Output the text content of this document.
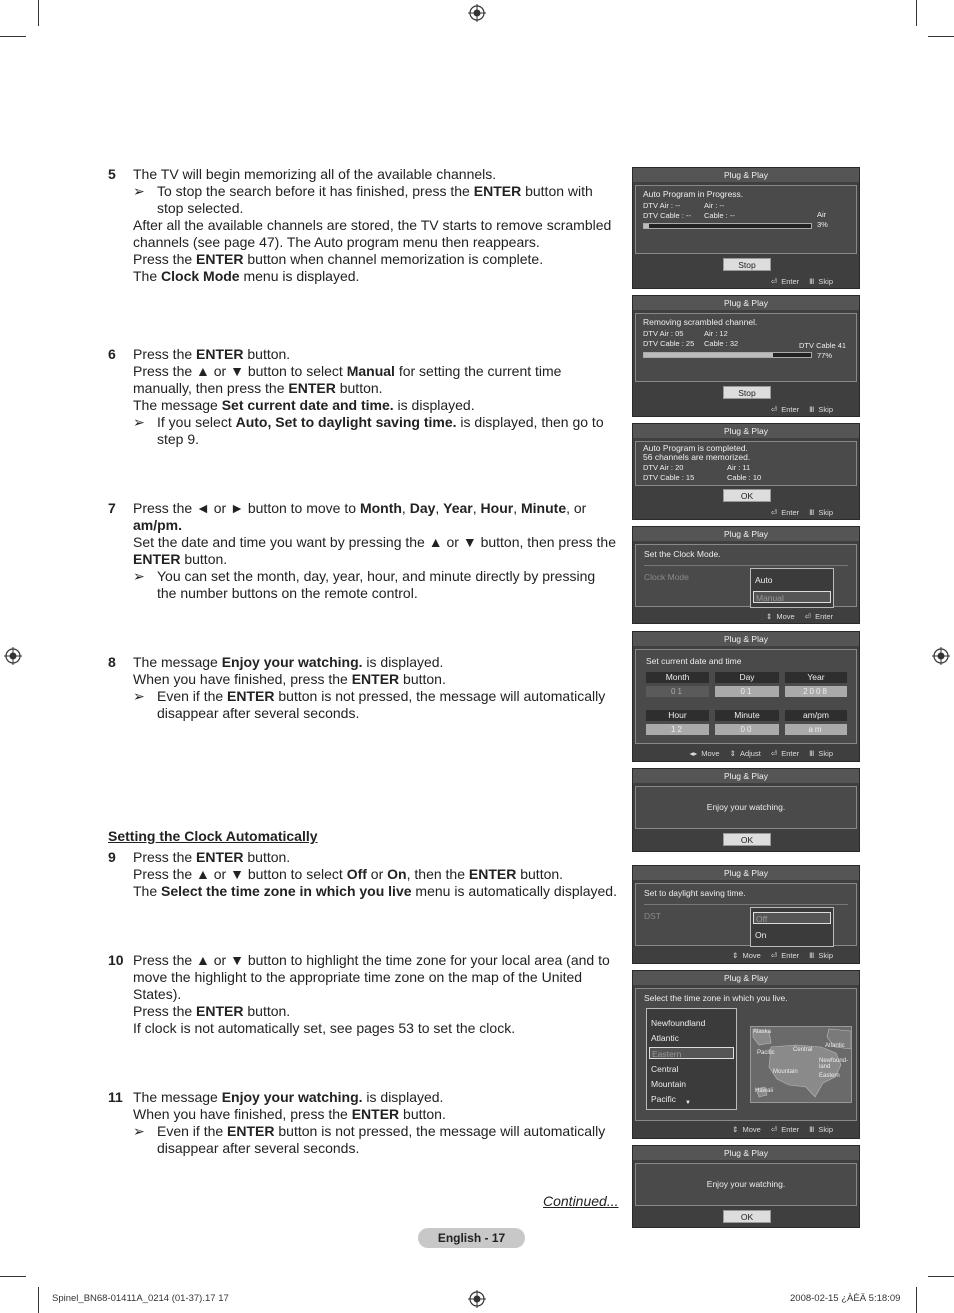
5 The TV will begin memorizing all of the available channels.
➢ To stop the search before it has finished, press the ENTER button with stop selected.
After all the available channels are stored, the TV starts to remove scrambled channels (see page 47). The Auto program menu then reappears.
Press the ENTER button when channel memorization is complete.
The Clock Mode menu is displayed.
6 Press the ENTER button.
Press the ▲ or ▼ button to select Manual for setting the current time manually, then press the ENTER button.
The message Set current date and time. is displayed.
➢ If you select Auto, Set to daylight saving time. is displayed, then go to step 9.
7 Press the ◄ or ► button to move to Month, Day, Year, Hour, Minute, or am/pm.
Set the date and time you want by pressing the ▲ or ▼ button, then press the ENTER button.
➢ You can set the month, day, year, hour, and minute directly by pressing the number buttons on the remote control.
8 The message Enjoy your watching. is displayed.
When you have finished, press the ENTER button.
➢ Even if the ENTER button is not pressed, the message will automatically disappear after several seconds.
Setting the Clock Automatically
9 Press the ENTER button.
Press the ▲ or ▼ button to select Off or On, then the ENTER button.
The Select the time zone in which you live menu is automatically displayed.
10 Press the ▲ or ▼ button to highlight the time zone for your local area (and to move the highlight to the appropriate time zone on the map of the United States).
Press the ENTER button.
If clock is not automatically set, see pages 53 to set the clock.
11 The message Enjoy your watching. is displayed.
When you have finished, press the ENTER button.
➢ Even if the ENTER button is not pressed, the message will automatically disappear after several seconds.
Continued...
English - 17
Spinel_BN68-01411A_0214 (01-37).17 17	2008-02-15 ¿ÀÈÄ 5:18:09
Plug & Play
Auto Program in Progress.
DTV Air : --	Air : --
DTV Cable : -- Cable : --	Air
3%
Stop
⏎ Enter Ⅲ Skip
Plug & Play
Removing scrambled channel.
DTV Air : 05	Air : 12
DTV Cable : 25 Cable : 32	DTV Cable 41
77%
Stop
⏎ Enter Ⅲ Skip
Plug & Play
Auto Program is completed.
56 channels are memorized.
DTV Air : 20	Air : 11
DTV Cable : 15	Cable : 10
OK
⏎ Enter Ⅲ Skip
Plug & Play
Set the Clock Mode.
Clock Mode	Auto
Manual
⇕ Move ⏎ Enter
Plug & Play
Set current date and time
Month	Day	Year
01	01	2008
Hour	Minute	am/pm
12	00	am
◂▸ Move ⇕ Adjust ⏎ Enter Ⅲ Skip
Plug & Play
Enjoy your watching.
OK
Plug & Play
Set to daylight saving time.
DST	Off
On
⇕ Move ⏎ Enter Ⅲ Skip
Plug & Play
Select the time zone in which you live.
Newfoundland
Atlantic
Eastern
Central
Mountain
Pacific	▼
Alaska
Pacific	Central
Atlantic
Newfound-land
Mountain
Hawaii
Eastern
⇕ Move ⏎ Enter Ⅲ Skip
Plug & Play
Enjoy your watching.
OK
